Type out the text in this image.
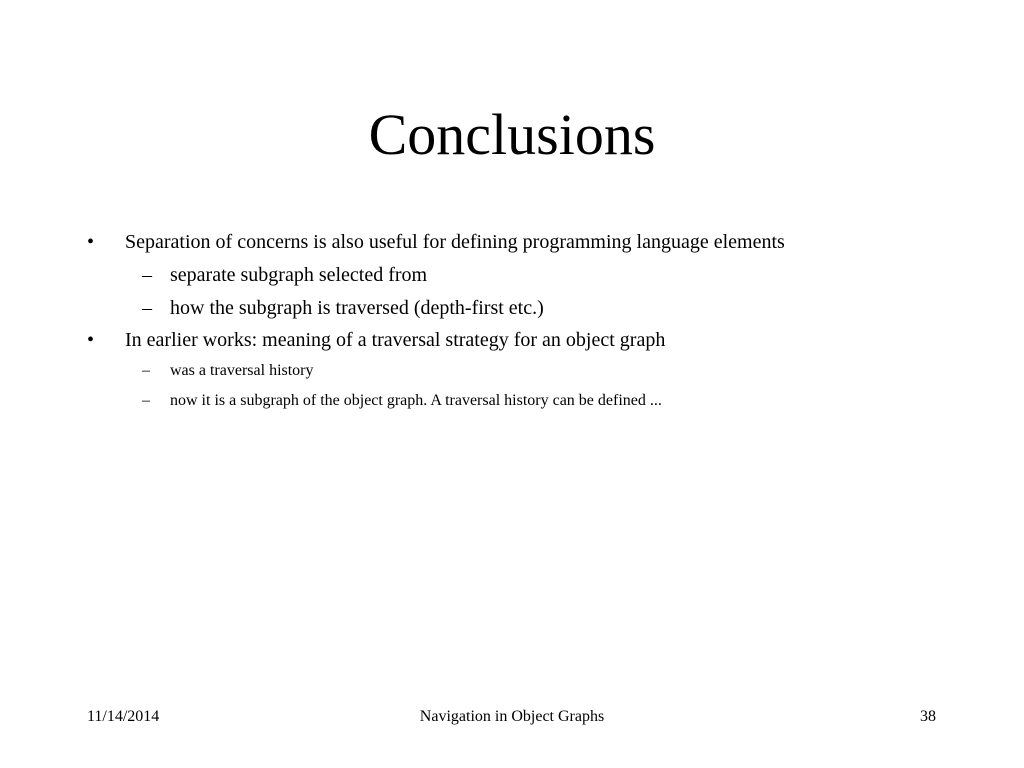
Conclusions
• Separation of concerns is also useful for defining programming language elements
– separate subgraph selected from
– how the subgraph is traversed (depth-first etc.)
• In earlier works: meaning of a traversal strategy for an object graph
– was a traversal history
– now it is a subgraph of the object graph. A traversal history can be defined ...
11/14/2014	Navigation in Object Graphs	38
